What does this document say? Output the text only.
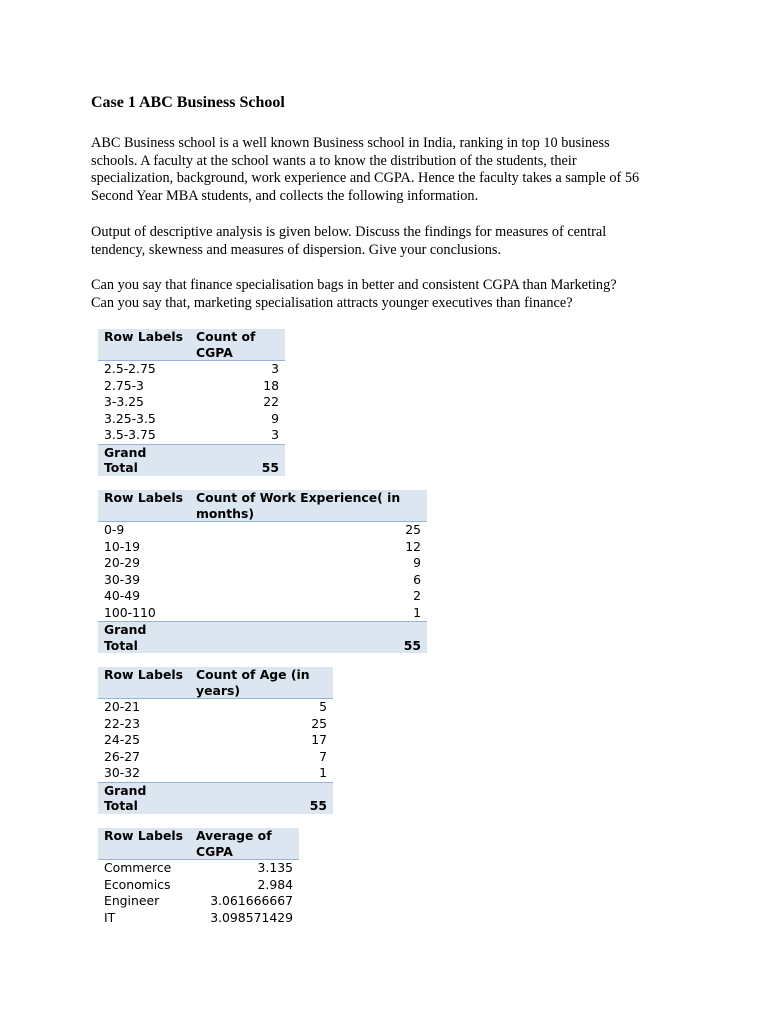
Case 1 ABC Business School

ABC Business school is a well known Business school in India, ranking in top 10 business
schools. A faculty at the school wants a to know the distribution of the students, their
specialization, background, work experience and CGPA. Hence the faculty takes a sample of 56
Second Year MBA students, and collects the following information.

Output of descriptive analysis is given below. Discuss the findings for measures of central
tendency, skewness and measures of dispersion. Give your conclusions.

Can you say that finance specialisation bags in better and consistent CGPA than Marketing?
Can you say that, marketing specialisation attracts younger executives than finance?

Row Labels	Count of CGPA
2.5-2.75	3
2.75-3	18
3-3.25	22
3.25-3.5	9
3.5-3.75	3
Grand Total	55
Row Labels	Count of Work Experience( in months)
0-9	25
10-19	12
20-29	9
30-39	6
40-49	2
100-110	1
Grand Total	55
Row Labels	Count of Age (in years)
20-21	5
22-23	25
24-25	17
26-27	7
30-32	1
Grand Total	55
Row Labels	Average of CGPA
Commerce	3.135
Economics	2.984
Engineer	3.061666667
IT	3.098571429
